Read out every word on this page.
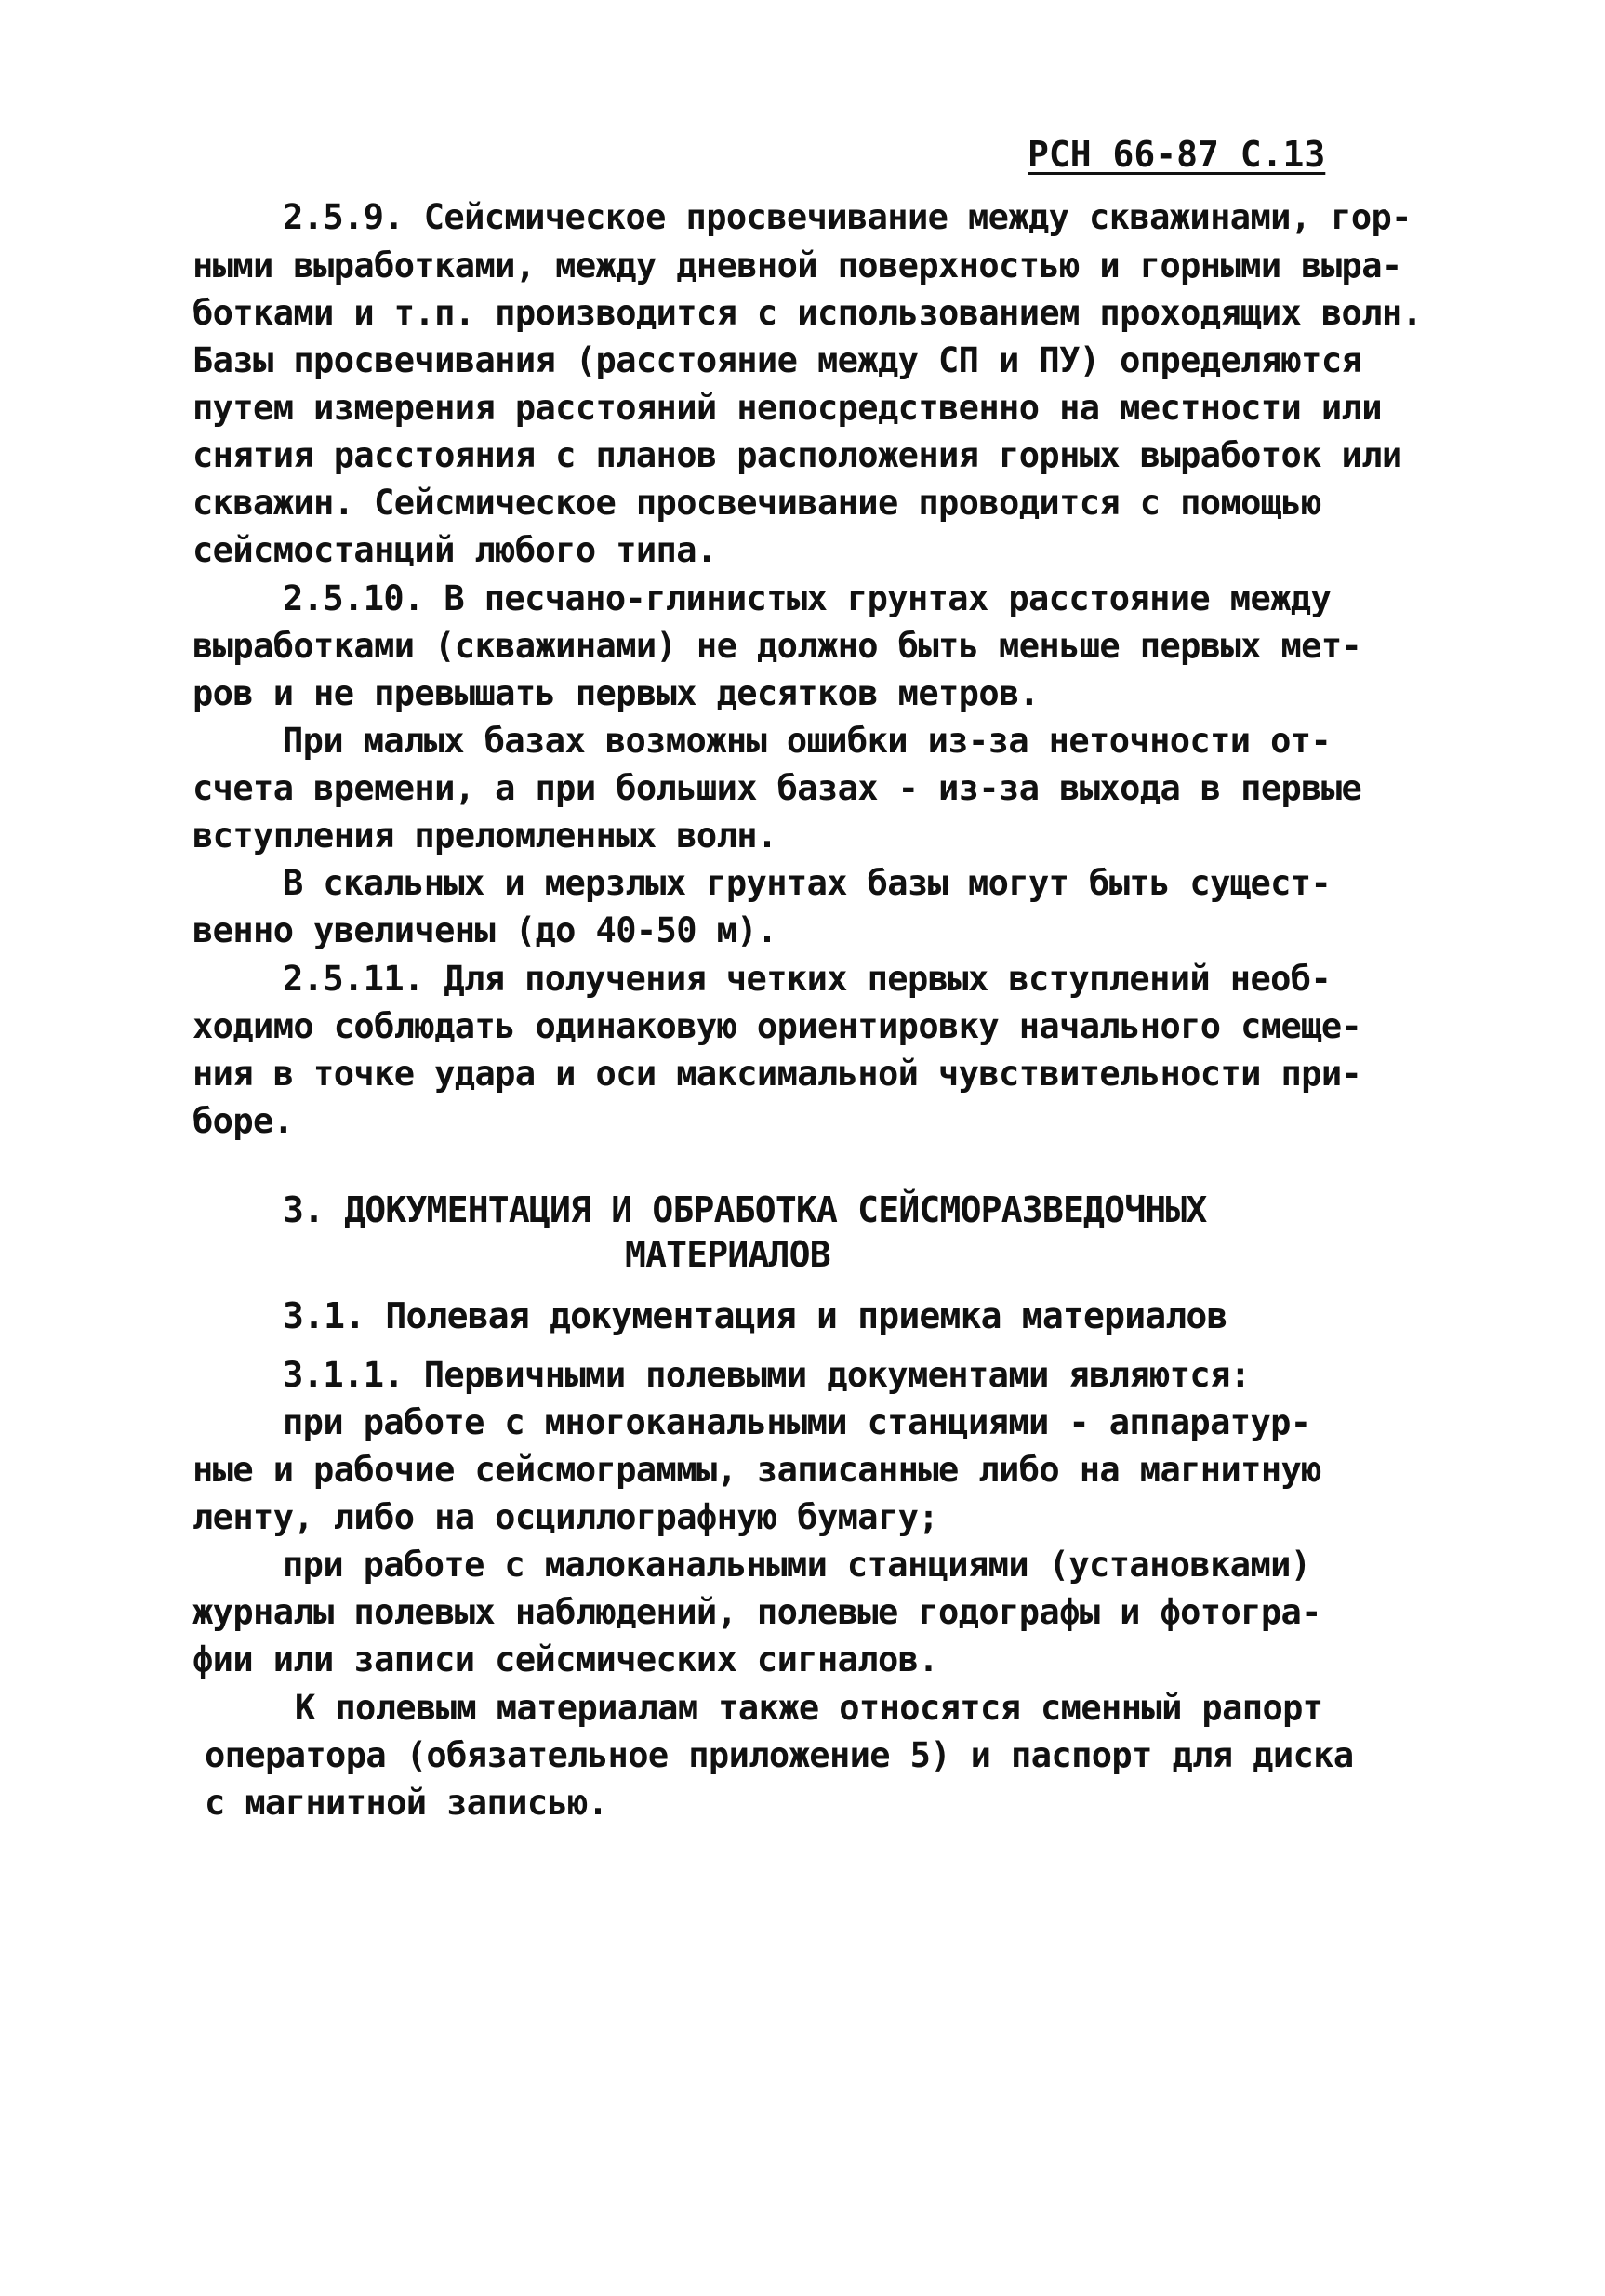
РСН 66-87 С.13
2.5.9. Сейсмическое просвечивание между скважинами, гор-
ными выработками, между дневной поверхностью и горными выра-
ботками и т.п. производится с использованием проходящих волн.
Базы просвечивания (расстояние между СП и ПУ) определяются
путем измерения расстояний непосредственно на местности или
снятия расстояния с планов расположения горных выработок или
скважин. Сейсмическое просвечивание проводится с помощью
сейсмостанций любого типа.
2.5.10. В песчано-глинистых грунтах расстояние между
выработками (скважинами) не должно быть меньше первых мет-
ров и не превышать первых десятков метров.
При малых базах возможны ошибки из-за неточности от-
счета времени, а при больших базах - из-за выхода в первые
вступления преломленных волн.
В скальных и мерзлых грунтах базы могут быть сущест-
венно увеличены (до 40-50 м).
2.5.11. Для получения четких первых вступлений необ-
ходимо соблюдать одинаковую ориентировку начального смеще-
ния в точке удара и оси максимальной чувствительности при-
боре.
3. ДОКУМЕНТАЦИЯ И ОБРАБОТКА СЕЙСМОРАЗВЕДОЧНЫХ
МАТЕРИАЛОВ
3.1. Полевая документация и приемка материалов
3.1.1. Первичными полевыми документами являются:
при работе с многоканальными станциями - аппаратур-
ные и рабочие сейсмограммы, записанные либо на магнитную
ленту, либо на осциллографную бумагу;
при работе с малоканальными станциями (установками)
журналы полевых наблюдений, полевые годографы и фотогра-
фии или записи сейсмических сигналов.
К полевым материалам также относятся сменный рапорт
оператора (обязательное приложение 5) и паспорт для диска
с магнитной записью.
